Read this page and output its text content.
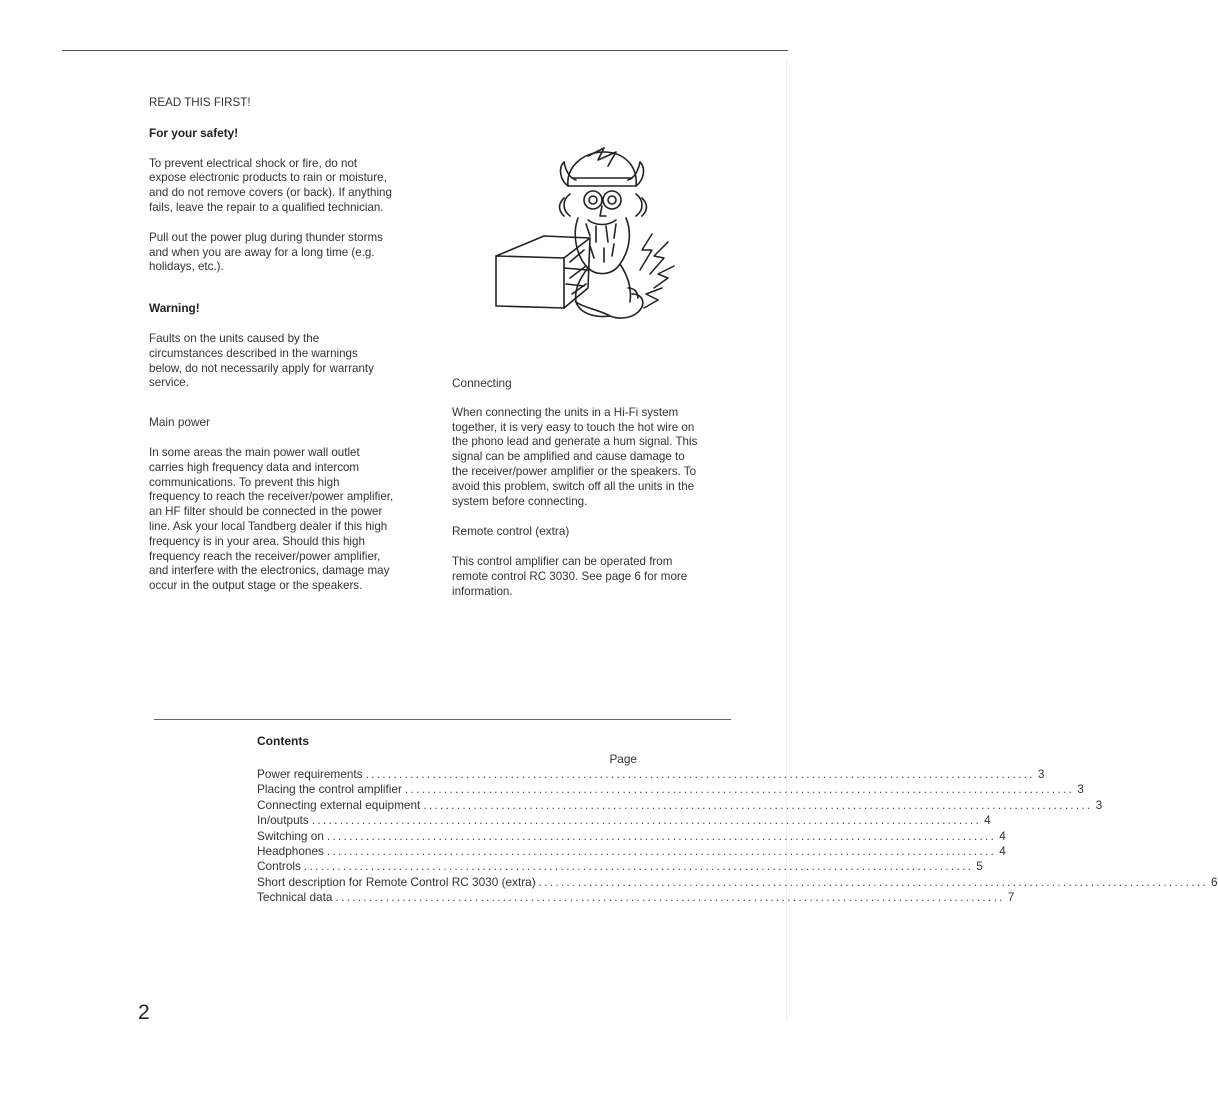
READ THIS FIRST!

For your safety!

To prevent electrical shock or fire, do not
expose electronic products to rain or moisture,
and do not remove covers (or back). If anything
fails, leave the repair to a qualified technician.

Pull out the power plug during thunder storms
and when you are away for a long time (e.g.
holidays, etc.).

Warning!

Faults on the units caused by the
circumstances described in the warnings
below, do not necessarily apply for warranty
service.

Main power

In some areas the main power wall outlet
carries high frequency data and intercom
communications. To prevent this high
frequency to reach the receiver/power amplifier,
an HF filter should be connected in the power
line. Ask your local Tandberg dealer if this high
frequency is in your area. Should this high
frequency reach the receiver/power amplifier,
and interfere with the electronics, damage may
occur in the output stage or the speakers.

Connecting

When connecting the units in a Hi-Fi system
together, it is very easy to touch the hot wire on
the phono lead and generate a hum signal. This
signal can be amplified and cause damage to
the receiver/power amplifier or the speakers. To
avoid this problem, switch off all the units in the
system before connecting.

Remote control (extra)

This control amplifier can be operated from
remote control RC 3030. See page 6 for more
information.

Contents

Page
Power requirements ........................................................................................................................ 3
Placing the control amplifier ........................................................................................................................ 3
Connecting external equipment ........................................................................................................................ 3
In/outputs ........................................................................................................................ 4
Switching on ........................................................................................................................ 4
Headphones ........................................................................................................................ 4
Controls ........................................................................................................................ 5
Short description for Remote Control RC 3030 (extra) ........................................................................................................................ 6
Technical data ........................................................................................................................ 7
2
